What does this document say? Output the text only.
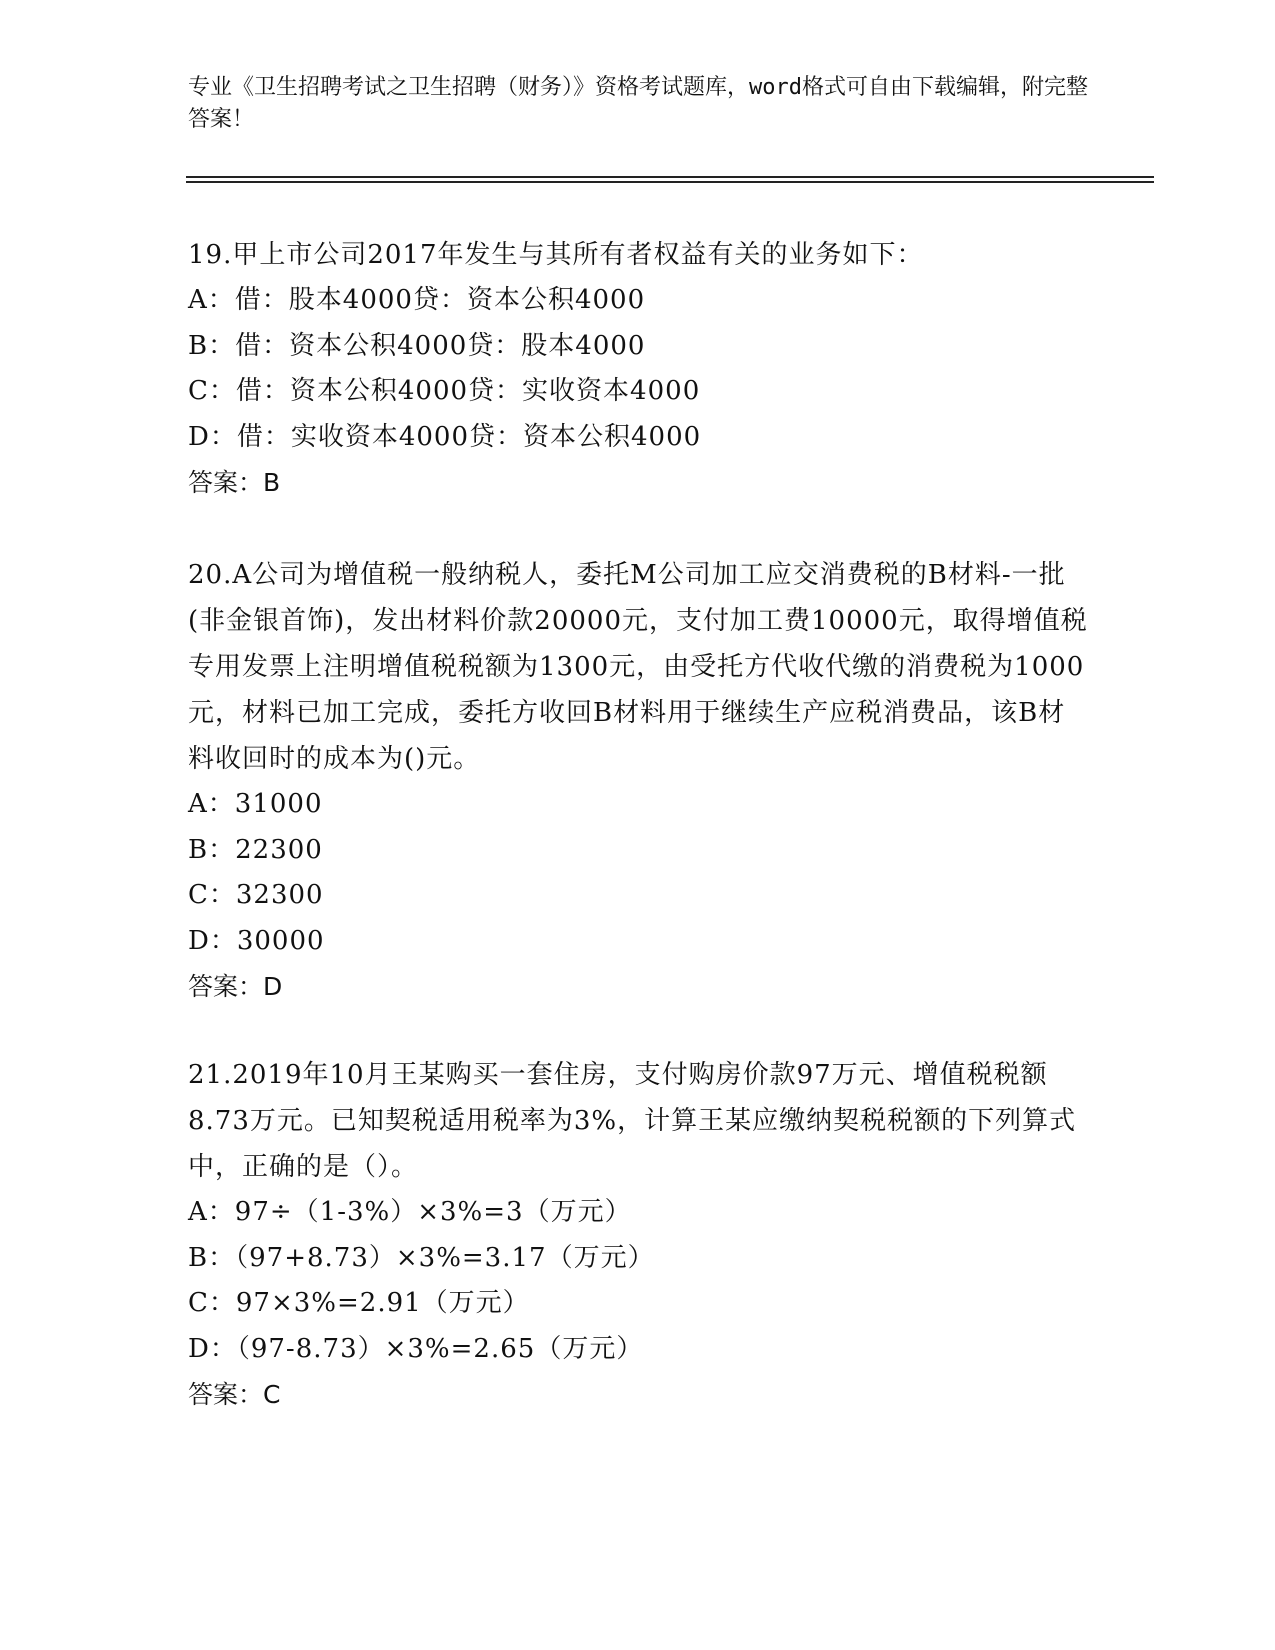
专业《卫生招聘考试之卫生招聘（财务）》资格考试题库，word格式可自由下载编辑，附完整答案！

19.甲上市公司2017年发生与其所有者权益有关的业务如下：

A：借：股本4000贷：资本公积4000

B：借：资本公积4000贷：股本4000

C：借：资本公积4000贷：实收资本4000

D：借：实收资本4000贷：资本公积4000

答案：B

20.A公司为增值税一般纳税人，委托M公司加工应交消费税的B材料-一批(非金银首饰)，发出材料价款20000元，支付加工费10000元，取得增值税专用发票上注明增值税税额为1300元，由受托方代收代缴的消费税为1000元，材料已加工完成，委托方收回B材料用于继续生产应税消费品，该B材料收回时的成本为()元。

A：31000

B：22300

C：32300

D：30000

答案：D

21.2019年10月王某购买一套住房，支付购房价款97万元、增值税税额8.73万元。已知契税适用税率为3%，计算王某应缴纳契税税额的下列算式中，正确的是（）。

A：97÷（1-3%）×3%=3（万元）

B：（97+8.73）×3%=3.17（万元）

C：97×3%=2.91（万元）

D：（97-8.73）×3%=2.65（万元）

答案：C
